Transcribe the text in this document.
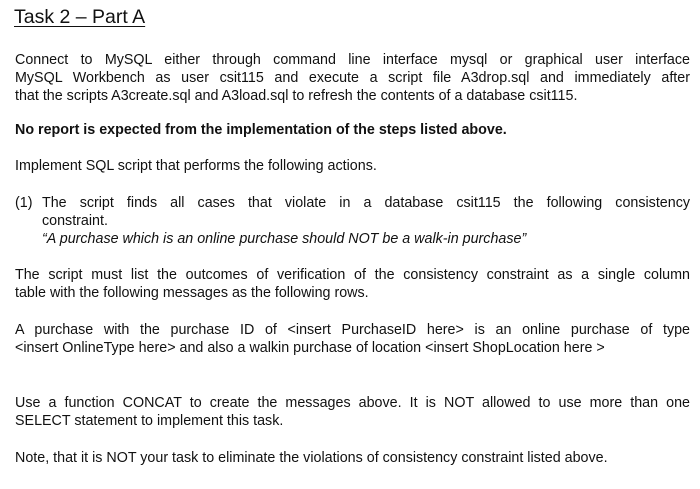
Task 2 – Part A
Connect to MySQL either through command line interface mysql or graphical user interface
MySQL Workbench as user csit115 and execute a script file A3drop.sql and immediately after
that the scripts A3create.sql and A3load.sql to refresh the contents of a database csit115.
No report is expected from the implementation of the steps listed above.
Implement SQL script that performs the following actions.
(1) The script finds all cases that violate in a database csit115 the following consistency
constraint.
“A purchase which is an online purchase should NOT be a walk-in purchase”
The script must list the outcomes of verification of the consistency constraint as a single column
table with the following messages as the following rows.
A purchase with the purchase ID of <insert PurchaseID here> is an online purchase of type
<insert OnlineType here> and also a walkin purchase of location <insert ShopLocation here >
Use a function CONCAT to create the messages above. It is NOT allowed to use more than one
SELECT statement to implement this task.
Note, that it is NOT your task to eliminate the violations of consistency constraint listed above.
